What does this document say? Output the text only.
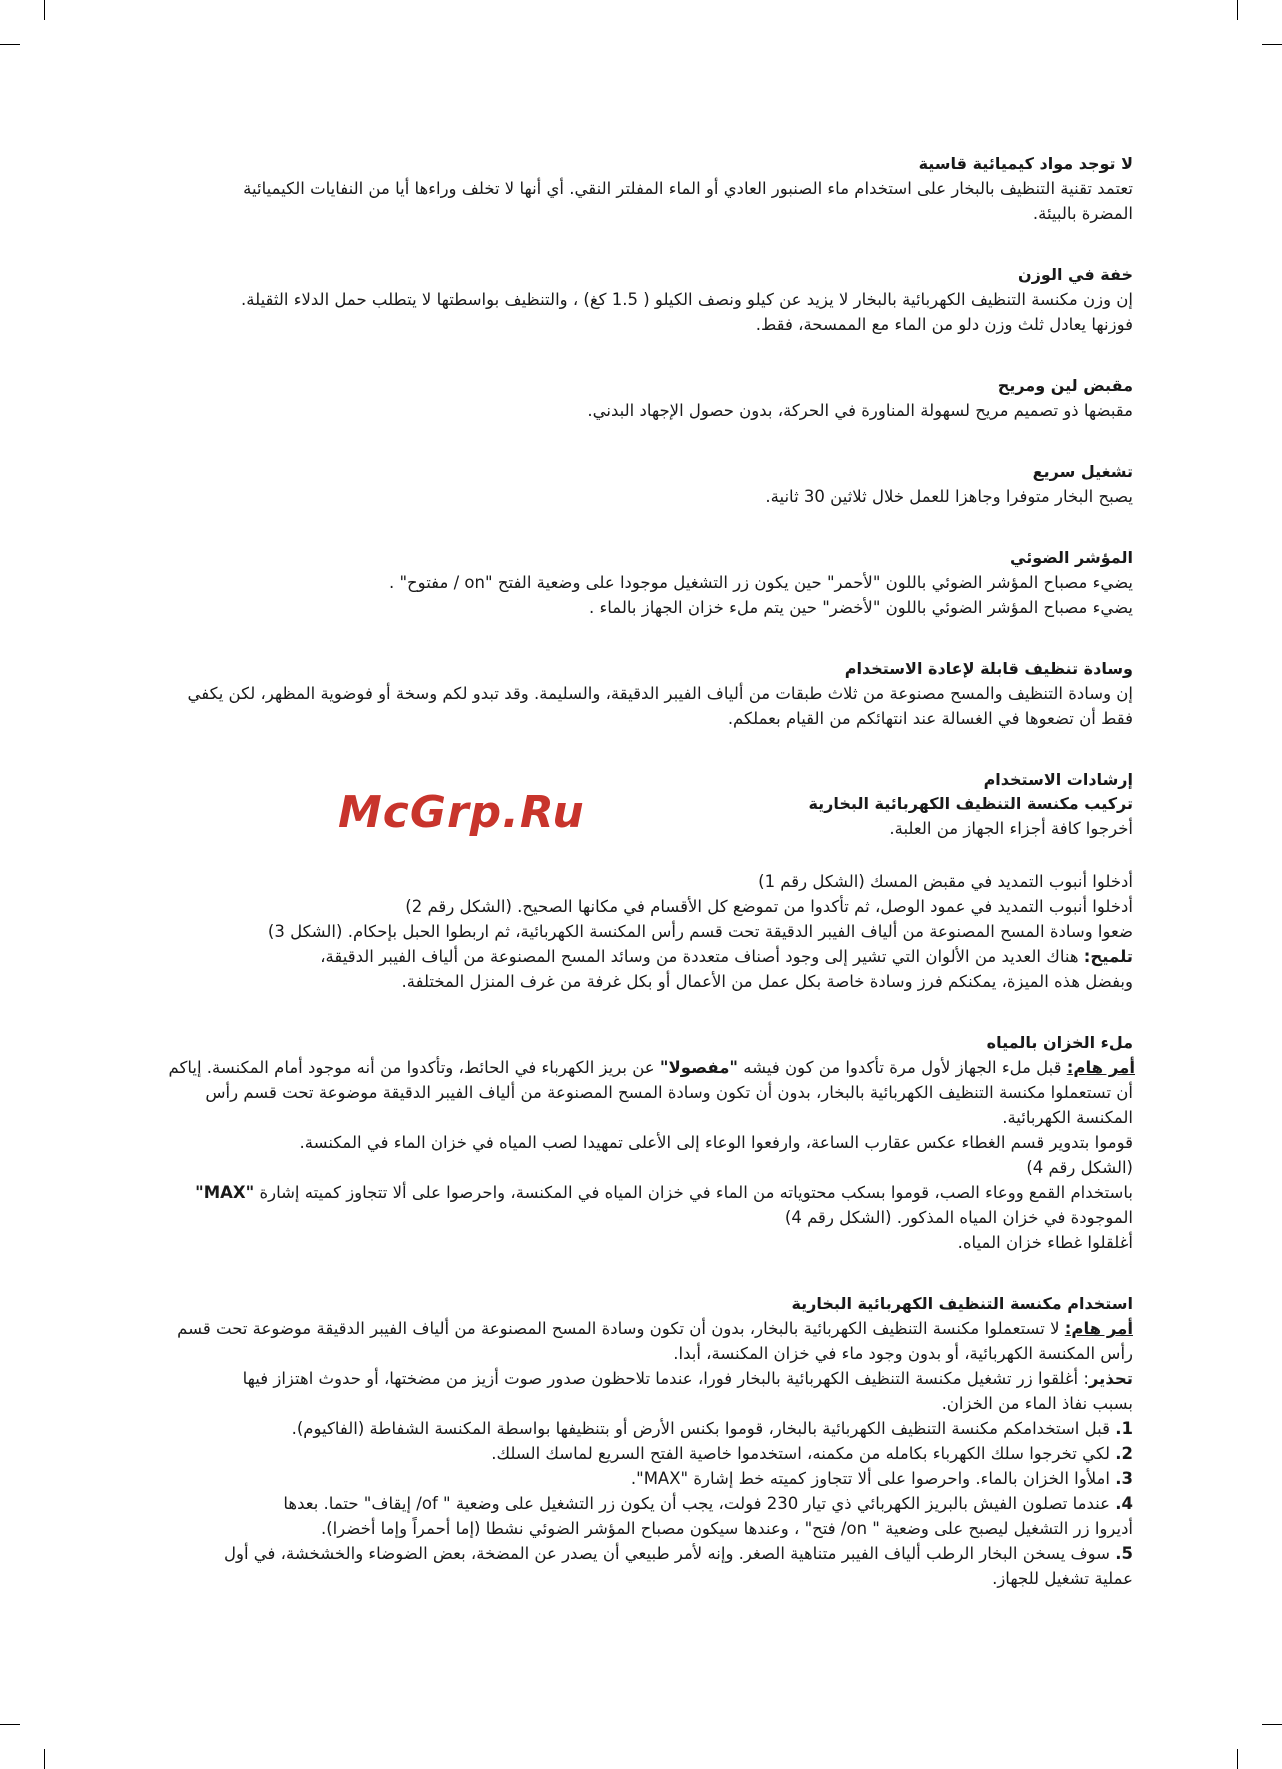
McGrp.Ru

لا توجد مواد كيميائية قاسية

تعتمد تقنية التنظيف بالبخار على استخدام ماء الصنبور العادي أو الماء المفلتر النقي. أي أنها لا تخلف وراءها أيا من النفايات الكيميائية

المضرة بالبيئة.

خفة في الوزن

إن وزن مكنسة التنظيف الكهربائية بالبخار لا يزيد عن كيلو ونصف الكيلو ( 1.5 كغ) ، والتنظيف بواسطتها لا يتطلب حمل الدلاء الثقيلة.

فوزنها يعادل ثلث وزن دلو من الماء مع الممسحة، فقط.

مقبض لين ومريح

مقبضها ذو تصميم مريح لسهولة المناورة في الحركة، بدون حصول الإجهاد البدني.

تشغيل سريع

يصبح البخار متوفرا وجاهزا للعمل خلال ثلاثين 30 ثانية.

المؤشر الضوئي

يضيء مصباح المؤشر الضوئي باللون "لأحمر" حين يكون زر التشغيل موجودا على وضعية الفتح "on / مفتوح" .

يضيء مصباح المؤشر الضوئي باللون "لأخضر" حين يتم ملء خزان الجهاز بالماء .

وسادة تنظيف قابلة لإعادة الاستخدام

إن وسادة التنظيف والمسح مصنوعة من ثلاث طبقات من ألياف الفيبر الدقيقة، والسليمة. وقد تبدو لكم وسخة أو فوضوية المظهر، لكن يكفي

فقط أن تضعوها في الغسالة عند انتهائكم من القيام بعملكم.

إرشادات الاستخدام

تركيب مكنسة التنظيف الكهربائية البخارية

أخرجوا كافة أجزاء الجهاز من العلبة.

أدخلوا أنبوب التمديد في مقبض المسك (الشكل رقم 1)

أدخلوا أنبوب التمديد في عمود الوصل، ثم تأكدوا من تموضع كل الأقسام في مكانها الصحيح. (الشكل رقم 2)

ضعوا وسادة المسح المصنوعة من ألياف الفيبر الدقيقة تحت قسم رأس المكنسة الكهربائية، ثم اربطوا الحبل بإحكام. (الشكل 3)

تلميح: هناك العديد من الألوان التي تشير إلى وجود أصناف متعددة من وسائد المسح المصنوعة من ألياف الفيبر الدقيقة،

وبفضل هذه الميزة، يمكنكم فرز وسادة خاصة بكل عمل من الأعمال أو بكل غرفة من غرف المنزل المختلفة.

ملء الخزان بالمياه

أمر هام: قبل ملء الجهاز لأول مرة تأكدوا من كون فيشه "مفصولا" عن بريز الكهرباء في الحائط، وتأكدوا من أنه موجود أمام المكنسة. إياكم

أن تستعملوا مكنسة التنظيف الكهربائية بالبخار، بدون أن تكون وسادة المسح المصنوعة من ألياف الفيبر الدقيقة موضوعة تحت قسم رأس

المكنسة الكهربائية.

قوموا بتدوير قسم الغطاء عكس عقارب الساعة، وارفعوا الوعاء إلى الأعلى تمهيدا لصب المياه في خزان الماء في المكنسة.

(الشكل رقم 4)

باستخدام القمع ووعاء الصب، قوموا بسكب محتوياته من الماء في خزان المياه في المكنسة، واحرصوا على ألا تتجاوز كميته إشارة "MAX"

الموجودة في خزان المياه المذكور. (الشكل رقم 4)

أغلقلوا غطاء خزان المياه.

استخدام مكنسة التنظيف الكهربائية البخارية

أمر هام: لا تستعملوا مكنسة التنظيف الكهربائية بالبخار، بدون أن تكون وسادة المسح المصنوعة من ألياف الفيبر الدقيقة موضوعة تحت قسم

رأس المكنسة الكهربائية، أو بدون وجود ماء في خزان المكنسة، أبدا.

تحذير: أغلقوا زر تشغيل مكنسة التنظيف الكهربائية بالبخار فورا، عندما تلاحظون صدور صوت أزيز من مضختها، أو حدوث اهتزاز فيها

بسبب نفاذ الماء من الخزان.

1. قبل استخدامكم مكنسة التنظيف الكهربائية بالبخار، قوموا بكنس الأرض أو بتنظيفها بواسطة المكنسة الشفاطة (الفاكيوم).

2. لكي تخرجوا سلك الكهرباء بكامله من مكمنه، استخدموا خاصية الفتح السريع لماسك السلك.

3. املأوا الخزان بالماء. واحرصوا على ألا تتجاوز كميته خط إشارة "MAX".

4. عندما تصلون الفيش بالبريز الكهربائي ذي تيار 230 فولت، يجب أن يكون زر التشغيل على وضعية " of/ إيقاف" حتما. بعدها

أديروا زر التشغيل ليصبح على وضعية " on/ فتح" ، وعندها سيكون مصباح المؤشر الضوئي نشطا (إما أحمراً وإما أخضرا).

5. سوف يسخن البخار الرطب ألياف الفيبر متناهية الصغر. وإنه لأمر طبيعي أن يصدر عن المضخة، بعض الضوضاء والخشخشة، في أول

عملية تشغيل للجهاز.
